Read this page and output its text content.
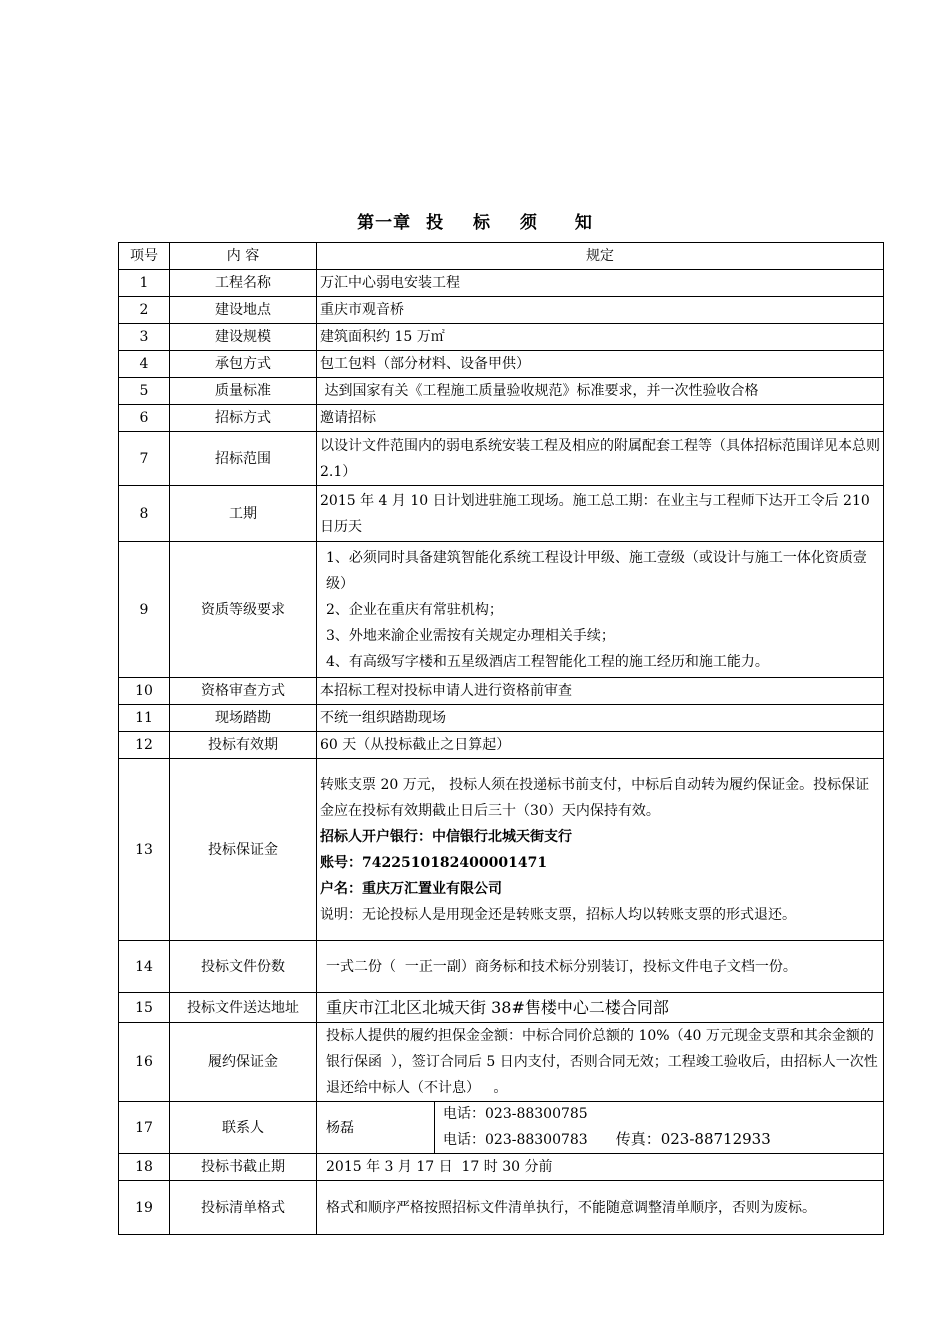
第一章 投 标 须 知
项号	内 容	规定
1	工程名称	万汇中心弱电安装工程
2	建设地点	重庆市观音桥
3	建设规模	建筑面积约 15 万㎡
4	承包方式	包工包料（部分材料、设备甲供）
5	质量标准	达到国家有关《工程施工质量验收规范》标准要求，并一次性验收合格
6	招标方式	邀请招标
7	招标范围	以设计文件范围内的弱电系统安装工程及相应的附属配套工程等（具体招标范围详见本总则 2.1）
8	工期	2015 年 4 月 10 日计划进驻施工现场。施工总工期：在业主与工程师下达开工令后 210 日历天
9	资质等级要求	1、必须同时具备建筑智能化系统工程设计甲级、施工壹级（或设计与施工一体化资质壹级）
2、企业在重庆有常驻机构；
3、外地来渝企业需按有关规定办理相关手续；
4、有高级写字楼和五星级酒店工程智能化工程的施工经历和施工能力。

10	资格审查方式	本招标工程对投标申请人进行资格前审查
11	现场踏勘	不统一组织踏勘现场
12	投标有效期	60 天（从投标截止之日算起）
13	投标保证金	转账支票 20 万元， 投标人须在投递标书前支付，中标后自动转为履约保证金。投标保证金应在投标有效期截止日后三十（30）天内保持有效。
招标人开户银行：中信银行北城天街支行
账号：7422510182400001471
户名：重庆万汇置业有限公司
说明：无论投标人是用现金还是转账支票，招标人均以转账支票的形式退还。

14	投标文件份数	一式二份（  一正一副）商务标和技术标分别装订，投标文件电子文档一份。
15	投标文件送达地址	重庆市江北区北城天街 38#售楼中心二楼合同部
16	履约保证金	投标人提供的履约担保金金额：中标合同价总额的 10%（40 万元现金支票和其余金额的银行保函  ），签订合同后 5 日内支付，否则合同无效；工程竣工验收后，由招标人一次性退还给中标人（不计息）   。
17	联系人	杨磊
电话：023-88300785
电话：023-88300783 传真：023-88712933

18	投标书截止期	2015 年 3 月 17 日  17 时 30 分前
19	投标清单格式	格式和顺序严格按照招标文件清单执行，不能随意调整清单顺序，否则为废标。
